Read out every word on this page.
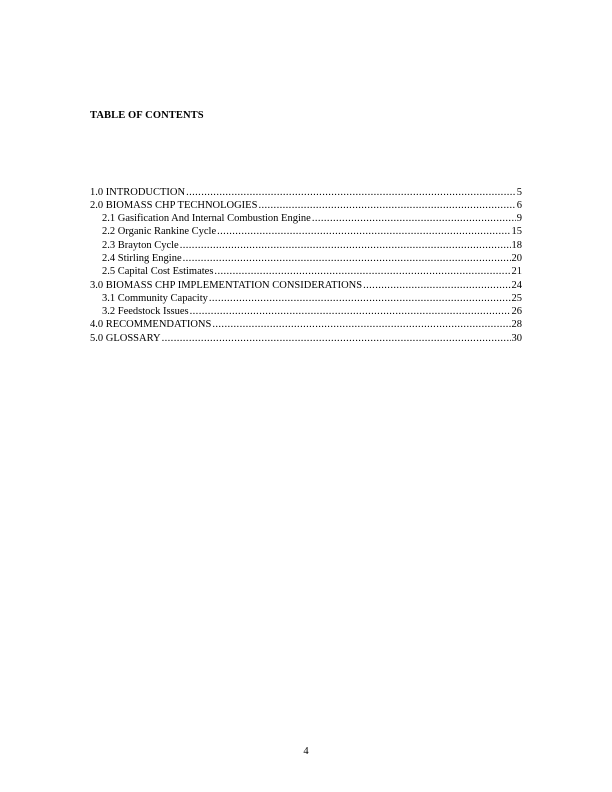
TABLE OF CONTENTS
1.0 INTRODUCTION .....	5
2.0 BIOMASS CHP TECHNOLOGIES .....	6
2.1 Gasification And Internal Combustion Engine .....	9
2.2 Organic Rankine Cycle .....	15
2.3 Brayton Cycle .....	18
2.4 Stirling Engine .....	20
2.5 Capital Cost Estimates .....	21
3.0 BIOMASS CHP IMPLEMENTATION CONSIDERATIONS .....	24
3.1 Community Capacity .....	25
3.2 Feedstock Issues .....	26
4.0 RECOMMENDATIONS .....	28
5.0 GLOSSARY .....	30
4
